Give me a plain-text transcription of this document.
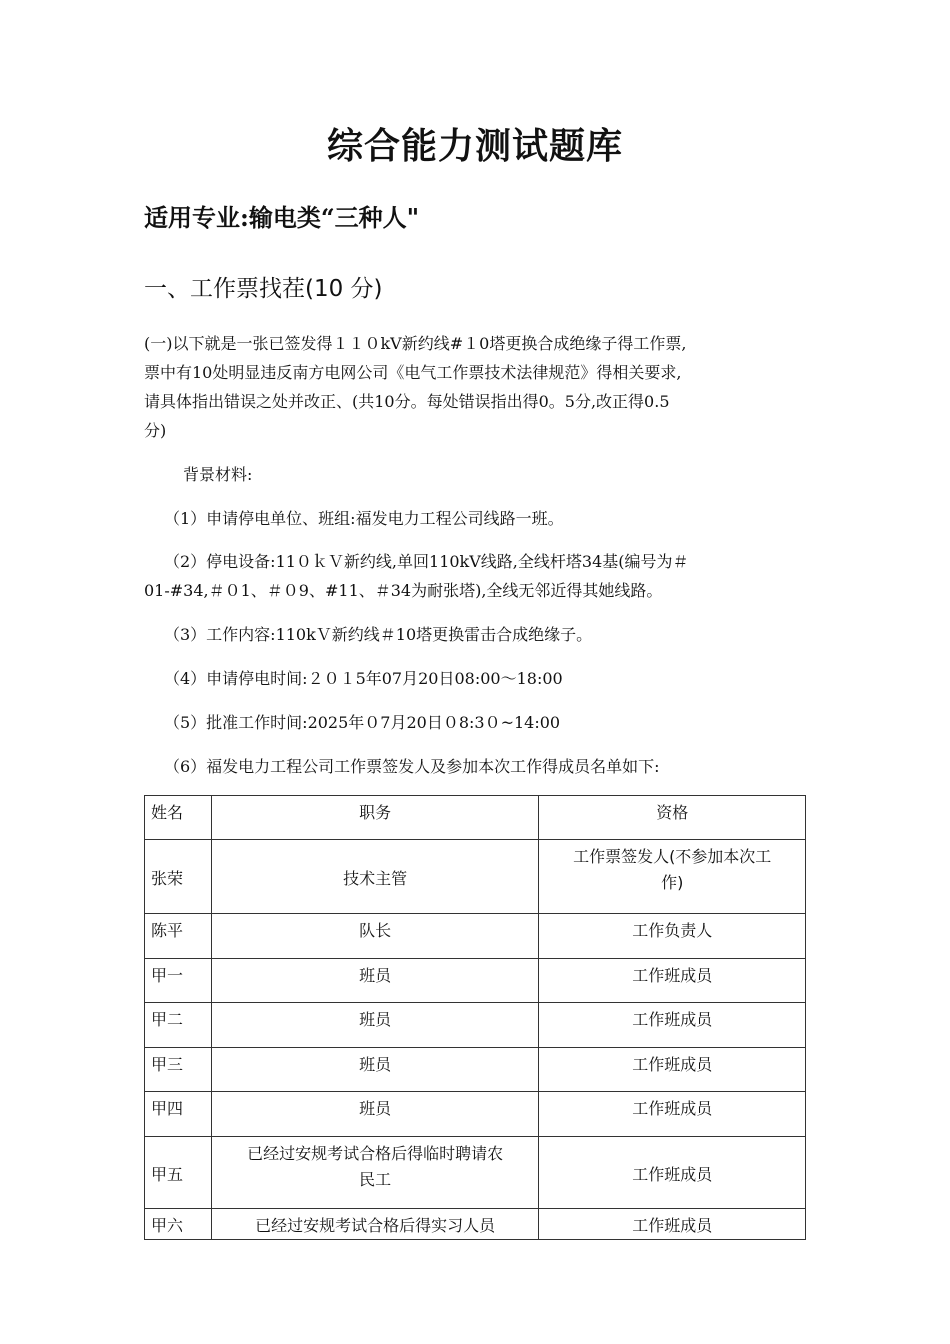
综合能力测试题库
适用专业:输电类“三种人"
一、工作票找茬(10 分)
(一)以下就是一张已签发得１１０kV新约线#１0塔更换合成绝缘子得工作票,
票中有10处明显违反南方电网公司《电气工作票技术法律规范》得相关要求,
请具体指出错误之处并改正、(共10分。每处错误指出得0。5分,改正得0.5
分)
背景材料:
（1）申请停电单位、班组:福发电力工程公司线路一班。
（2）停电设备:11０ｋＶ新约线,单回110kV线路,全线杆塔34基(编号为＃
01-#34,＃０1、＃０9、#11、＃34为耐张塔),全线无邻近得其她线路。
（3）工作内容:110kＶ新约线＃10塔更换雷击合成绝缘子。
（4）申请停电时间:２０１5年07月20日08:00～18:00
（5）批准工作时间:2025年０7月20日０8:3０~14:00
（6）福发电力工程公司工作票签发人及参加本次工作得成员名单如下:
姓名	职务	资格
张荣	技术主管	工作票签发人(不参加本次工
作)

陈平	队长	工作负责人
甲一	班员	工作班成员
甲二	班员	工作班成员
甲三	班员	工作班成员
甲四	班员	工作班成员
甲五	已经过安规考试合格后得临时聘请农
民工	工作班成员
甲六	已经过安规考试合格后得实习人员	工作班成员
